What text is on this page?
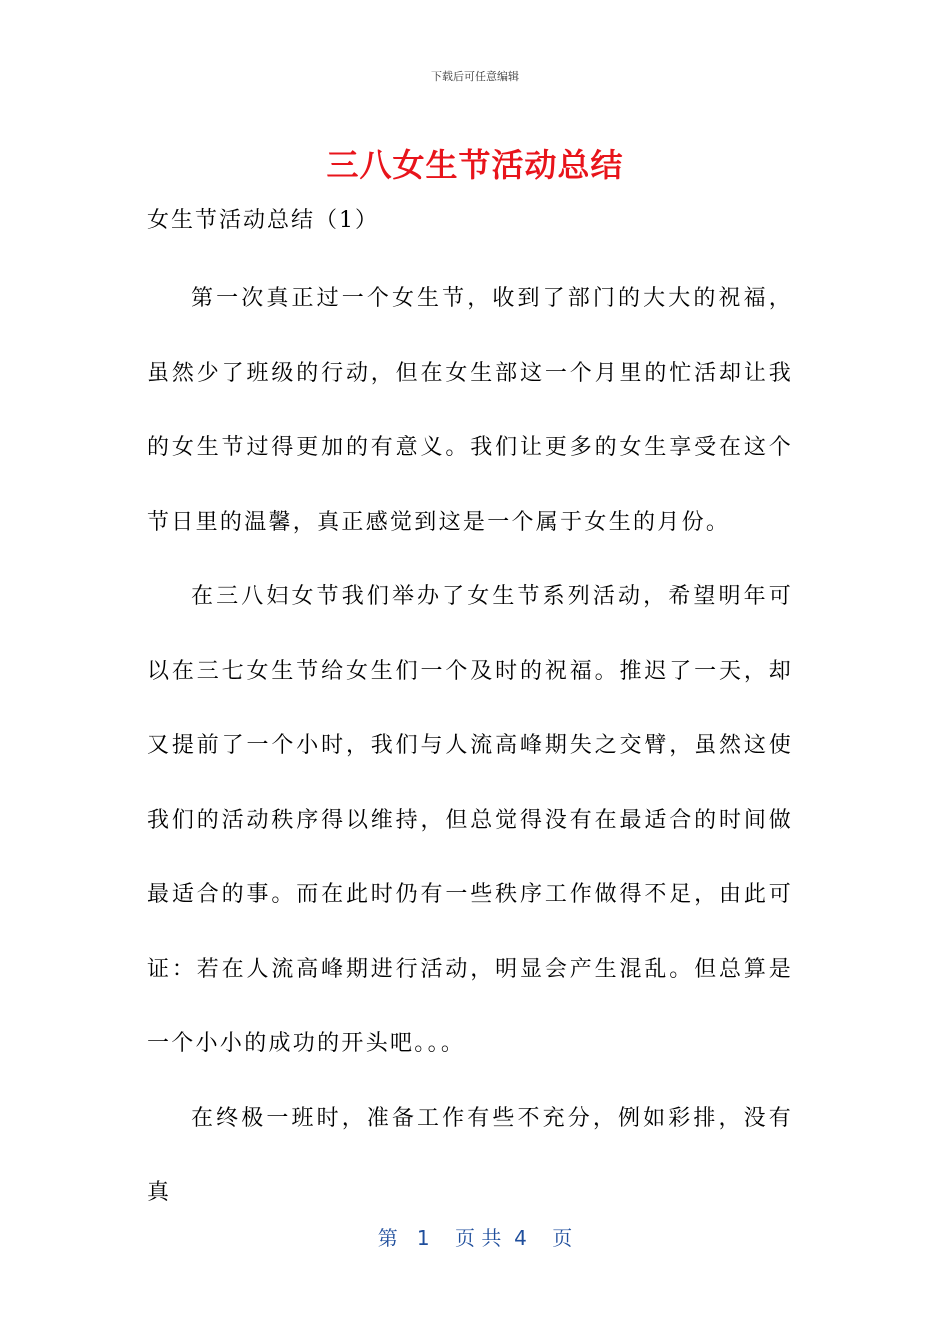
下载后可任意编辑
三八女生节活动总结

女生节活动总结（1）

第一次真正过一个女生节，收到了部门的大大的祝福，虽然少了班级的行动，但在女生部这一个月里的忙活却让我的女生节过得更加的有意义。我们让更多的女生享受在这个节日里的温馨，真正感觉到这是一个属于女生的月份。

在三八妇女节我们举办了女生节系列活动，希望明年可以在三七女生节给女生们一个及时的祝福。推迟了一天，却又提前了一个小时，我们与人流高峰期失之交臂，虽然这使我们的活动秩序得以维持，但总觉得没有在最适合的时间做最适合的事。而在此时仍有一些秩序工作做得不足，由此可证：若在人流高峰期进行活动，明显会产生混乱。但总算是一个小小的成功的开头吧。。。

在终极一班时，准备工作有些不充分，例如彩排，没有真

第   1    页 共  4    页
